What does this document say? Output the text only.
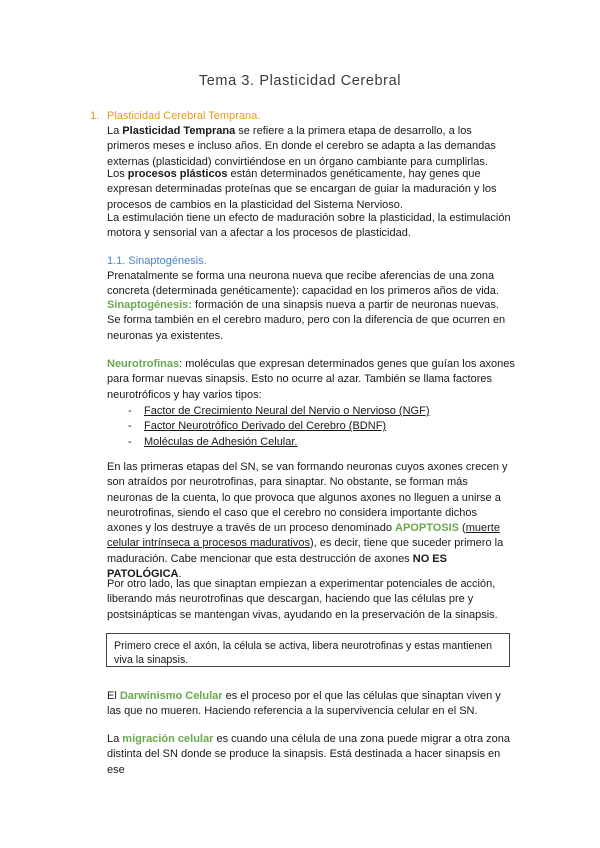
Tema 3. Plasticidad Cerebral
1. Plasticidad Cerebral Temprana.

La Plasticidad Temprana se refiere a la primera etapa de desarrollo, a los primeros meses e incluso años. En donde el cerebro se adapta a las demandas externas (plasticidad) convirtiéndose en un órgano cambiante para cumplirlas.

Los procesos plásticos están determinados genéticamente, hay genes que expresan determinadas proteínas que se encargan de guiar la maduración y los procesos de cambios en la plasticidad del Sistema Nervioso.

La estimulación tiene un efecto de maduración sobre la plasticidad, la estimulación motora y sensorial van a afectar a los procesos de plasticidad.

1.1. Sinaptogénesis.

Prenatalmente se forma una neurona nueva que recibe aferencias de una zona concreta (determinada genéticamente): capacidad en los primeros años de vida.

Sinaptogénesis: formación de una sinapsis nueva a partir de neuronas nuevas. Se forma también en el cerebro maduro, pero con la diferencia de que ocurren en neuronas ya existentes.

Neurotrofinas: moléculas que expresan determinados genes que guían los axones para formar nuevas sinapsis. Esto no ocurre al azar. También se llama factores neurotróficos y hay varios tipos:

- Factor de Crecimiento Neural del Nervio o Nervioso (NGF)
- Factor Neurotrófico Derivado del Cerebro (BDNF)
- Moléculas de Adhesión Celular.

En las primeras etapas del SN, se van formando neuronas cuyos axones crecen y son atraídos por neurotrofinas, para sinaptar. No obstante, se forman más neuronas de la cuenta, lo que provoca que algunos axones no lleguen a unirse a neurotrofinas, siendo el caso que el cerebro no considera importante dichos axones y los destruye a través de un proceso denominado APOPTOSIS (muerte celular intrínseca a procesos madurativos), es decir, tiene que suceder primero la maduración. Cabe mencionar que esta destrucción de axones NO ES PATOLÓGICA.

Por otro lado, las que sinaptan empiezan a experimentar potenciales de acción, liberando más neurotrofinas que descargan, haciendo que las células pre y postsinápticas se mantengan vivas, ayudando en la preservación de la sinapsis.

Primero crece el axón, la célula se activa, libera neurotrofinas y estas mantienen viva la sinapsis.

El Darwinismo Celular es el proceso por el que las células que sinaptan viven y las que no mueren. Haciendo referencia a la supervivencia celular en el SN.

La migración celular es cuando una célula de una zona puede migrar a otra zona distinta del SN donde se produce la sinapsis. Está destinada a hacer sinapsis en ese
